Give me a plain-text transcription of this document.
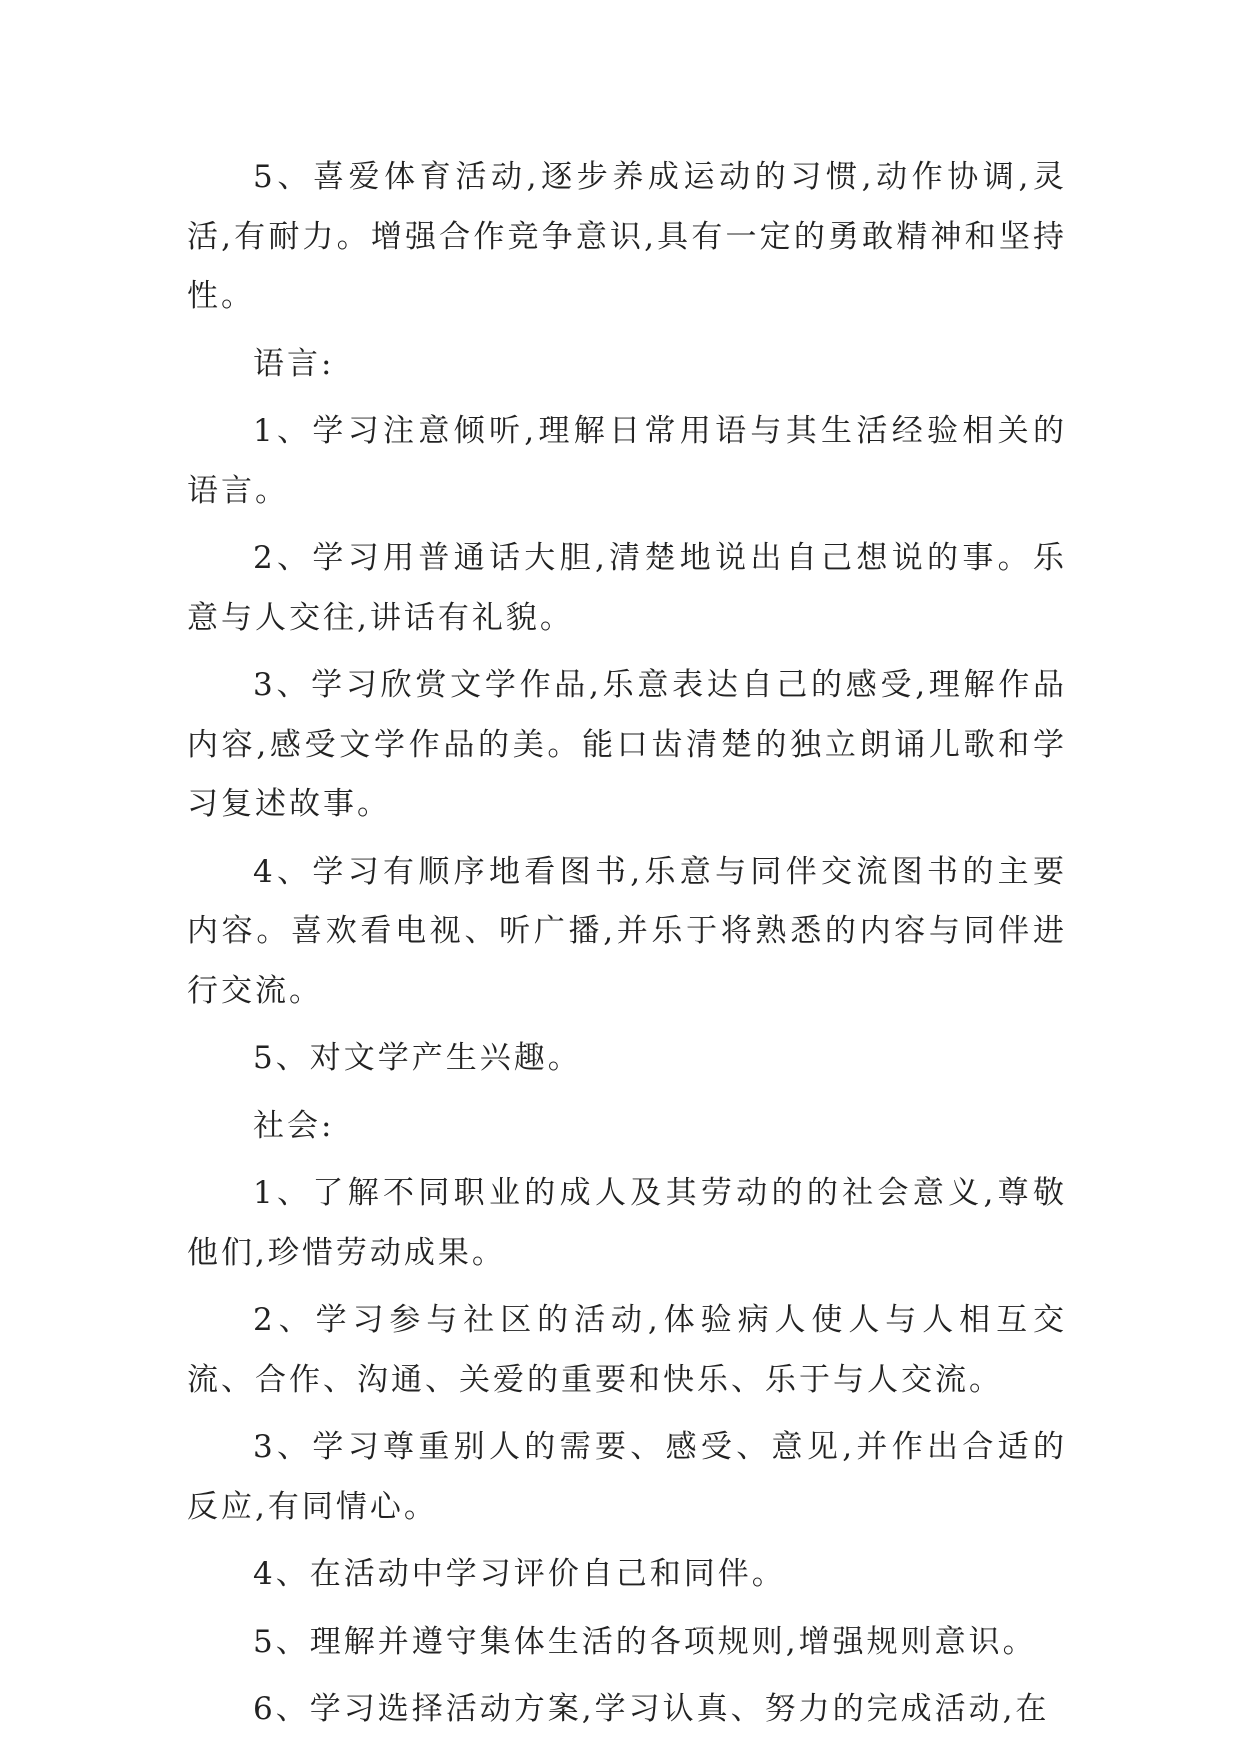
5、喜爱体育活动,逐步养成运动的习惯,动作协调,灵活,有耐力。增强合作竞争意识,具有一定的勇敢精神和坚持性。

语言:

1、学习注意倾听,理解日常用语与其生活经验相关的语言。

2、学习用普通话大胆,清楚地说出自己想说的事。乐意与人交往,讲话有礼貌。

3、学习欣赏文学作品,乐意表达自己的感受,理解作品内容,感受文学作品的美。能口齿清楚的独立朗诵儿歌和学习复述故事。

4、学习有顺序地看图书,乐意与同伴交流图书的主要内容。喜欢看电视、听广播,并乐于将熟悉的内容与同伴进行交流。

5、对文学产生兴趣。

社会:

1、了解不同职业的成人及其劳动的的社会意义,尊敬他们,珍惜劳动成果。

2、学习参与社区的活动,体验病人使人与人相互交流、合作、沟通、关爱的重要和快乐、乐于与人交流。

3、学习尊重别人的需要、感受、意见,并作出合适的反应,有同情心。

4、在活动中学习评价自己和同伴。

5、理解并遵守集体生活的各项规则,增强规则意识。

6、学习选择活动方案,学习认真、努力的完成活动,在
